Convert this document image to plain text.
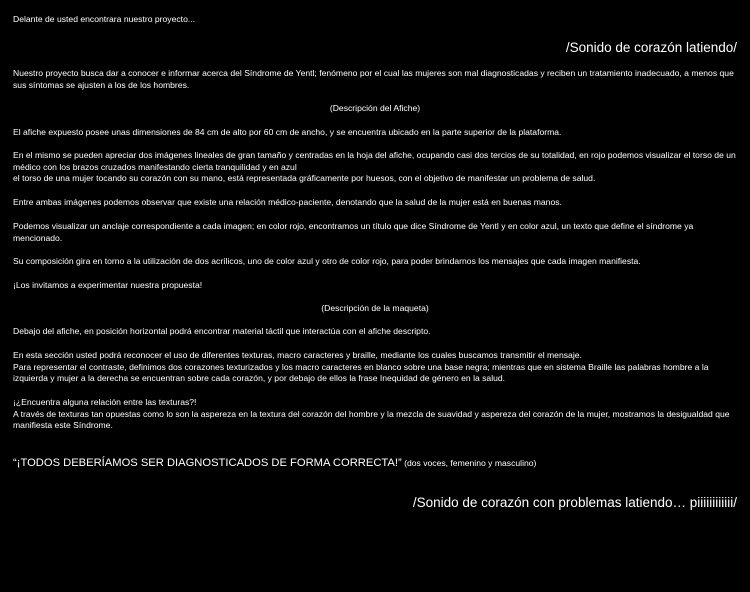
Delante de usted encontrara nuestro proyecto...

/Sonido de corazón latiendo/

Nuestro proyecto busca dar a conocer e informar acerca del Síndrome de Yentl; fenómeno por el cual las mujeres son mal diagnosticadas y reciben un tratamiento inadecuado, a menos que sus síntomas se ajusten a los de los hombres.

(Descripción del Afiche)

El afiche expuesto posee unas dimensiones de 84 cm de alto por 60 cm de ancho, y se encuentra ubicado en la parte superior de la plataforma.

En el mismo se pueden apreciar dos imágenes lineales de gran tamaño y centradas en la hoja del afiche, ocupando casi dos tercios de su totalidad, en rojo podemos visualizar el torso de un médico con los brazos cruzados manifestando cierta tranquilidad y en azul
el torso de una mujer tocando su corazón con su mano, está representada gráficamente por huesos, con el objetivo de manifestar un problema de salud.

Entre ambas imágenes podemos observar que existe una relación médico-paciente, denotando que la salud de la mujer está en buenas manos.

Podemos visualizar un anclaje correspondiente a cada imagen; en color rojo, encontramos un título que dice Síndrome de Yentl y en color azul, un texto que define el síndrome ya mencionado.

Su composición gira en torno a la utilización de dos acrílicos, uno de color azul y otro de color rojo, para poder brindarnos los mensajes que cada imagen manifiesta.

¡Los invitamos a experimentar nuestra propuesta!

(Descripción de la maqueta)

Debajo del afiche, en posición horizontal podrá encontrar material táctil que interactúa con el afiche descripto.

En esta sección usted podrá reconocer el uso de diferentes texturas, macro caracteres y braille, mediante los cuales buscamos transmitir el mensaje.
Para representar el contraste, definimos dos corazones texturizados y los macro caracteres en blanco sobre una base negra; mientras que en sistema Braille las palabras hombre a la izquierda y mujer a la derecha se encuentran sobre cada corazón, y por debajo de ellos la frase Inequidad de género en la salud.
¡¿Encuentra alguna relación entre las texturas?!
A través de texturas tan opuestas como lo son la aspereza en la textura del corazón del hombre y la mezcla de suavidad y aspereza del corazón de la mujer, mostramos la desigualdad que manifiesta este Síndrome.

“¡TODOS DEBERÍAMOS SER DIAGNOSTICADOS DE FORMA CORRECTA!” (dos voces, femenino y masculino)

/Sonido de corazón con problemas latiendo… piiiiiiiiiiii/
